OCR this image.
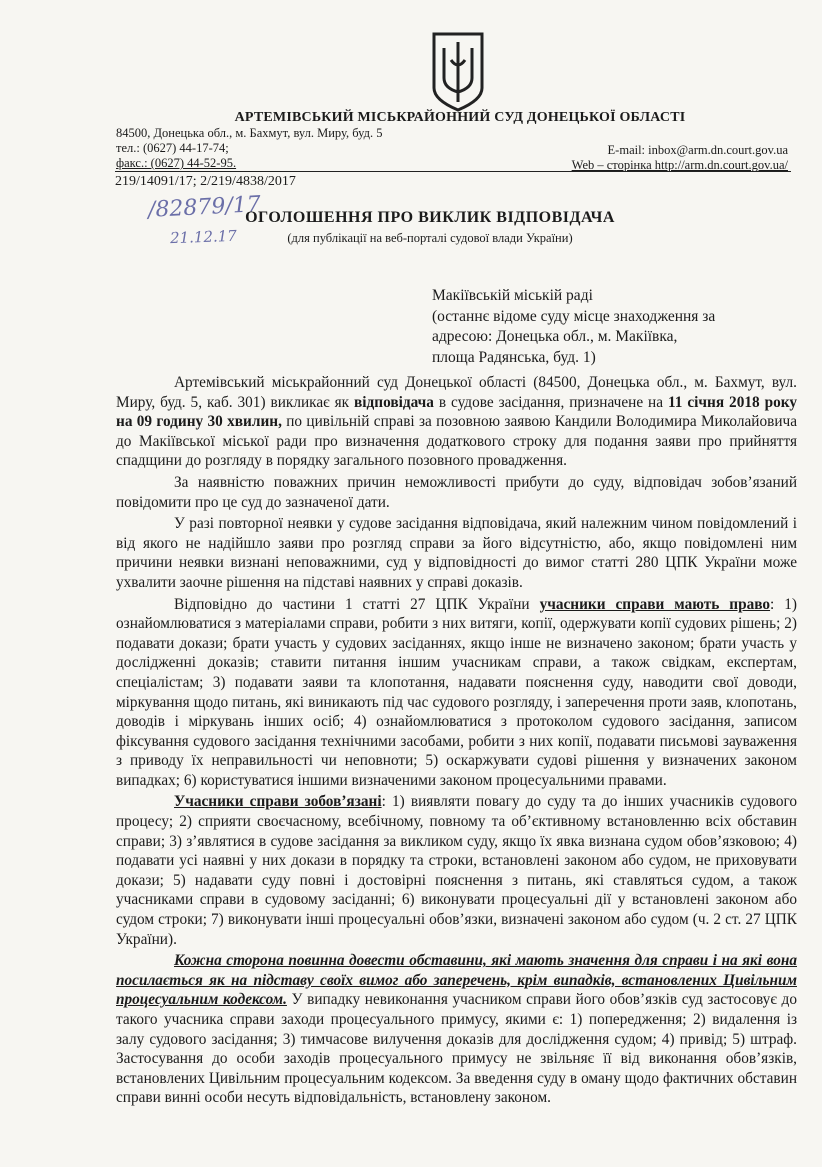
АРТЕМІВСЬКИЙ МІСЬКРАЙОННИЙ СУД ДОНЕЦЬКОЇ ОБЛАСТІ
84500, Донецька обл., м. Бахмут, вул. Миру, буд. 5
тел.: (0627) 44-17-74;
факс.: (0627) 44-52-95.
E-mail: inbox@arm.dn.court.gov.ua
Web – сторінка http://arm.dn.court.gov.ua/
219/14091/17; 2/219/4838/2017
/82879/17
21.12.17
ОГОЛОШЕННЯ ПРО ВИКЛИК ВІДПОВІДАЧА
(для публікації на веб-порталі судової влади України)
Макіївській міській раді
(останнє відоме суду місце знаходження за
адресою: Донецька обл., м. Макіївка,
площа Радянська, буд. 1)

Артемівський міськрайонний суд Донецької області (84500, Донецька обл., м. Бахмут, вул. Миру, буд. 5, каб. 301) викликає як відповідача в судове засідання, призначене на 11 січня 2018 року на 09 годину 30 хвилин, по цивільній справі за позовною заявою Кандили Володимира Миколайовича до Макіївської міської ради про визначення додаткового строку для подання заяви про прийняття спадщини до розгляду в порядку загального позовного провадження.

За наявністю поважних причин неможливості прибути до суду, відповідач зобов’язаний повідомити про це суд до зазначеної дати.

У разі повторної неявки у судове засідання відповідача, який належним чином повідомлений і від якого не надійшло заяви про розгляд справи за його відсутністю, або, якщо повідомлені ним причини неявки визнані неповажними, суд у відповідності до вимог статті 280 ЦПК України може ухвалити заочне рішення на підставі наявних у справі доказів.

Відповідно до частини 1 статті 27 ЦПК України учасники справи мають право: 1) ознайомлюватися з матеріалами справи, робити з них витяги, копії, одержувати копії судових рішень; 2) подавати докази; брати участь у судових засіданнях, якщо інше не визначено законом; брати участь у дослідженні доказів; ставити питання іншим учасникам справи, а також свідкам, експертам, спеціалістам; 3) подавати заяви та клопотання, надавати пояснення суду, наводити свої доводи, міркування щодо питань, які виникають під час судового розгляду, і заперечення проти заяв, клопотань, доводів і міркувань інших осіб; 4) ознайомлюватися з протоколом судового засідання, записом фіксування судового засідання технічними засобами, робити з них копії, подавати письмові зауваження з приводу їх неправильності чи неповноти; 5) оскаржувати судові рішення у визначених законом випадках; 6) користуватися іншими визначеними законом процесуальними правами.

Учасники справи зобов’язані: 1) виявляти повагу до суду та до інших учасників судового процесу; 2) сприяти своєчасному, всебічному, повному та об’єктивному встановленню всіх обставин справи; 3) з’являтися в судове засідання за викликом суду, якщо їх явка визнана судом обов’язковою; 4) подавати усі наявні у них докази в порядку та строки, встановлені законом або судом, не приховувати докази; 5) надавати суду повні і достовірні пояснення з питань, які ставляться судом, а також учасниками справи в судовому засіданні; 6) виконувати процесуальні дії у встановлені законом або судом строки; 7) виконувати інші процесуальні обов’язки, визначені законом або судом (ч. 2 ст. 27 ЦПК України).

Кожна сторона повинна довести обставини, які мають значення для справи і на які вона посилається як на підставу своїх вимог або заперечень, крім випадків, встановлених Цивільним процесуальним кодексом. У випадку невиконання учасником справи його обов’язків суд застосовує до такого учасника справи заходи процесуального примусу, якими є: 1) попередження; 2) видалення із залу судового засідання; 3) тимчасове вилучення доказів для дослідження судом; 4) привід; 5) штраф. Застосування до особи заходів процесуального примусу не звільняє її від виконання обов’язків, встановлених Цивільним процесуальним кодексом. За введення суду в оману щодо фактичних обставин справи винні особи несуть відповідальність, встановлену законом.
